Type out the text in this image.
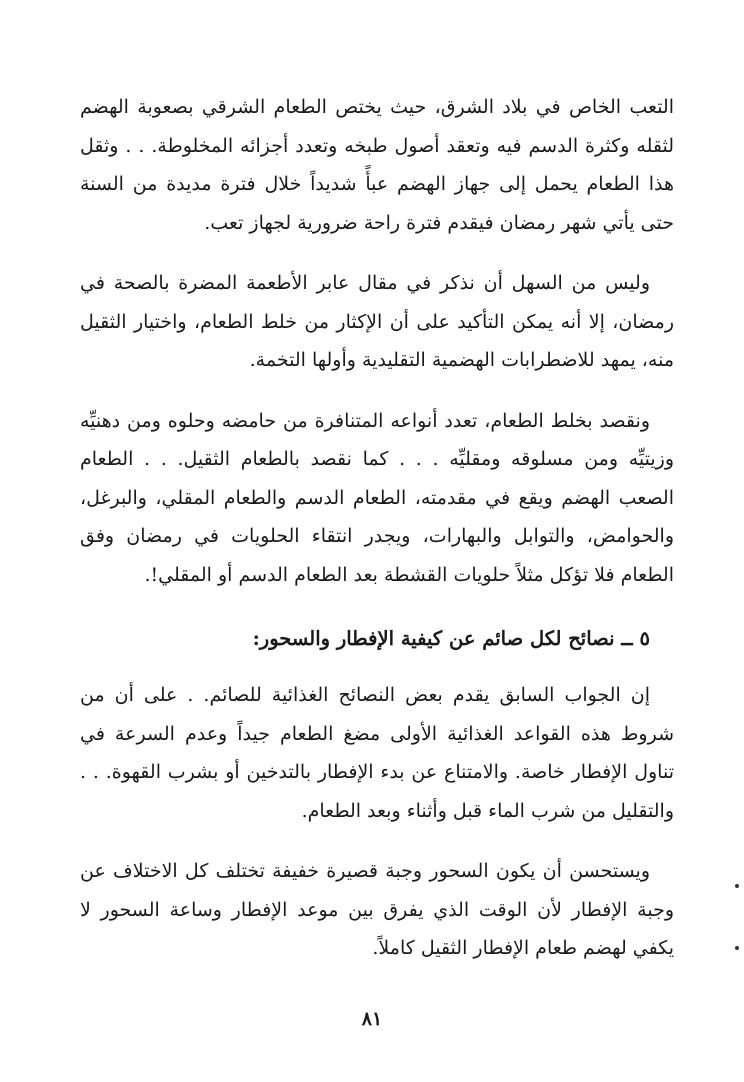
التعب الخاص في بلاد الشرق، حيث يختص الطعام الشرقي بصعوبة الهضم لثقله وكثرة الدسم فيه وتعقد أصول طبخه وتعدد أجزائه المخلوطة. . . وثقل هذا الطعام يحمل إلى جهاز الهضم عبأً شديداً خلال فترة مديدة من السنة حتى يأتي شهر رمضان فيقدم فترة راحة ضرورية لجهاز تعب.

وليس من السهل أن نذكر في مقال عابر الأطعمة المضرة بالصحة في رمضان، إلا أنه يمكن التأكيد على أن الإكثار من خلط الطعام، واختيار الثقيل منه، يمهد للاضطرابات الهضمية التقليدية وأولها التخمة.

ونقصد بخلط الطعام، تعدد أنواعه المتنافرة من حامضه وحلوه ومن دهنيِّه وزيتيِّه ومن مسلوقه ومقليِّه . . . كما نقصد بالطعام الثقيل. . . الطعام الصعب الهضم ويقع في مقدمته، الطعام الدسم والطعام المقلي، والبرغل، والحوامض، والتوابل والبهارات، ويجدر انتقاء الحلويات في رمضان وفق الطعام فلا تؤكل مثلاً حلويات القشطة بعد الطعام الدسم أو المقلي!.

٥ ــ نصائح لكل صائم عن كيفية الإفطار والسحور:

إن الجواب السابق يقدم بعض النصائح الغذائية للصائم. . على أن من شروط هذه القواعد الغذائية الأولى مضغ الطعام جيداً وعدم السرعة في تناول الإفطار خاصة. والامتناع عن بدء الإفطار بالتدخين أو بشرب القهوة. . . والتقليل من شرب الماء قبل وأثناء وبعد الطعام.

ويستحسن أن يكون السحور وجبة قصيرة خفيفة تختلف كل الاختلاف عن وجبة الإفطار لأن الوقت الذي يفرق بين موعد الإفطار وساعة السحور لا يكفي لهضم طعام الإفطار الثقيل كاملاً.

٨١
